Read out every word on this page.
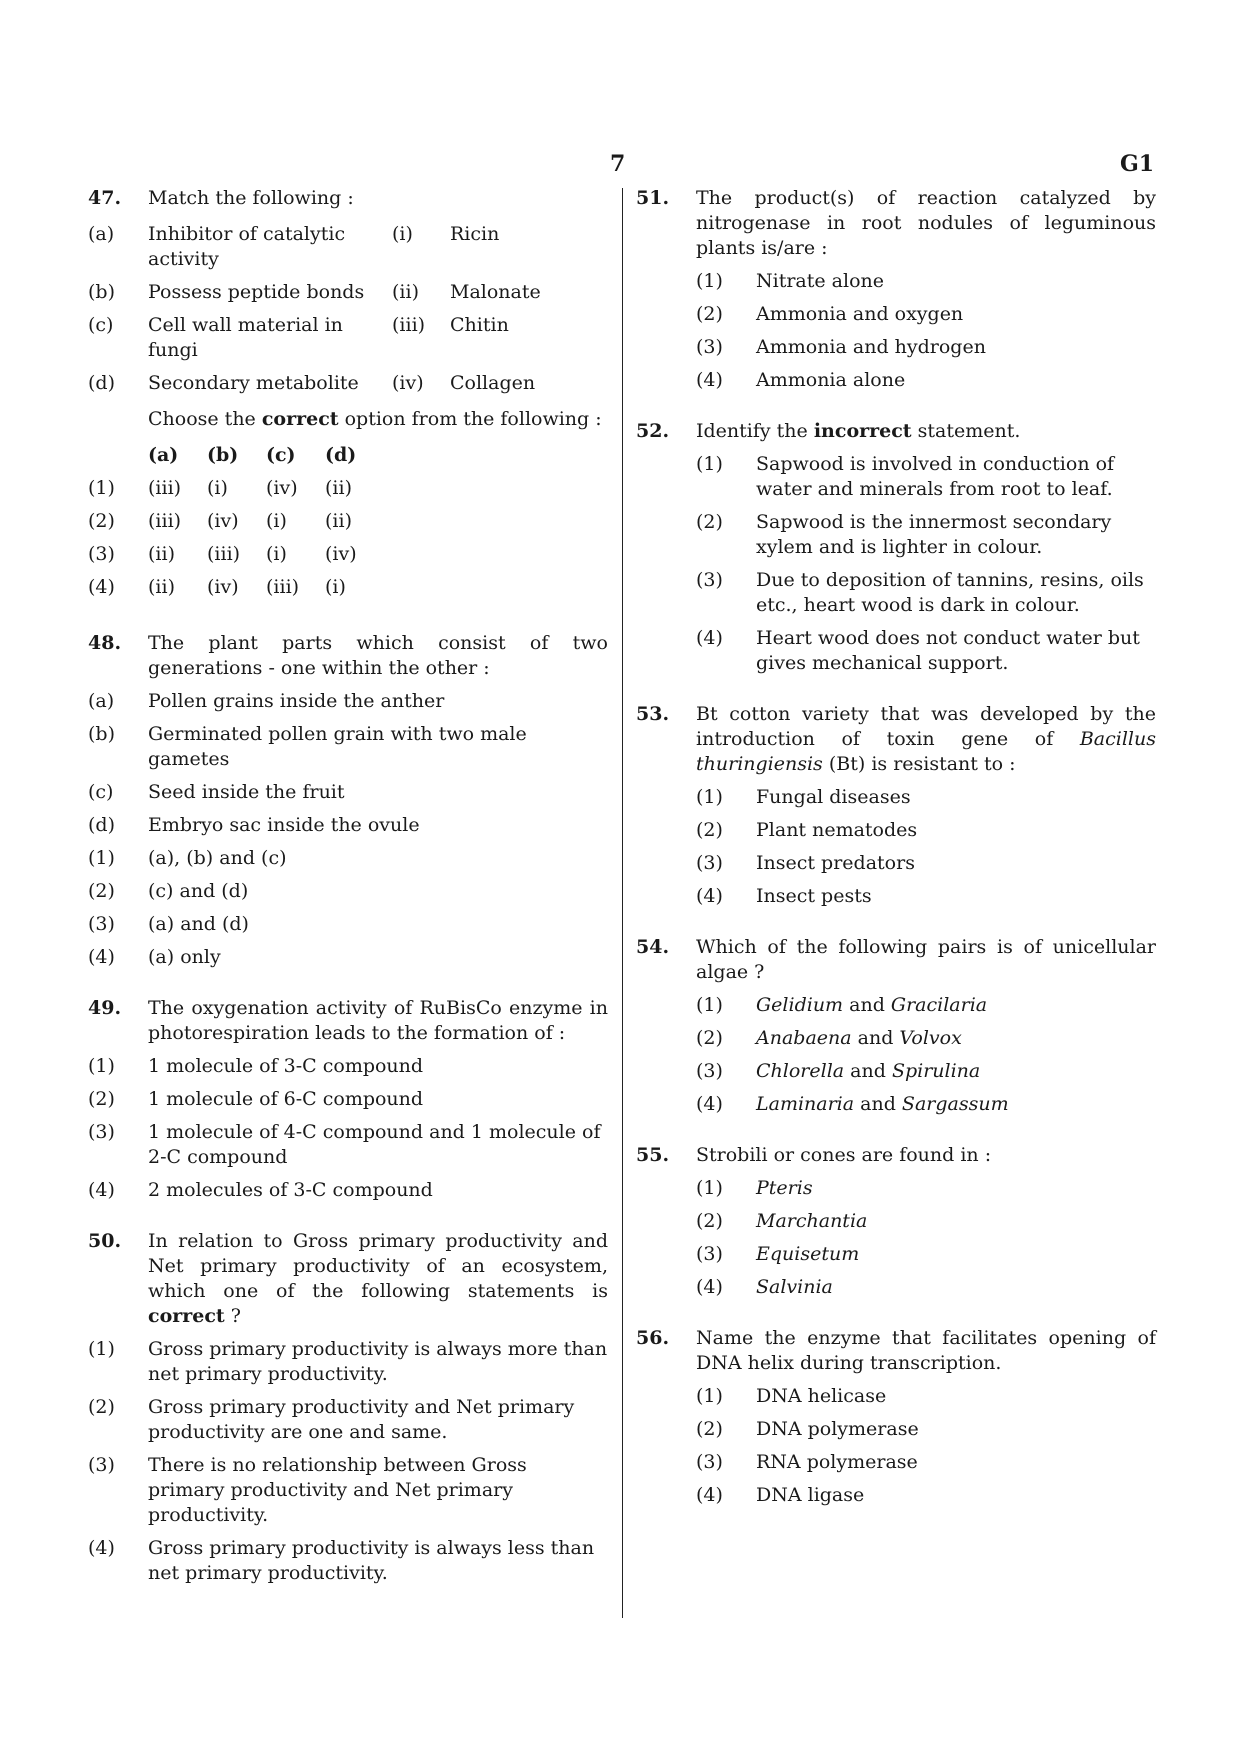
7	G1
47. Match the following :
(a)	Inhibitor of catalytic activity	(i)	Ricin
(b)	Possess peptide bonds	(ii)	Malonate
(c)	Cell wall material in fungi	(iii)	Chitin
(d)	Secondary metabolite	(iv)	Collagen
Choose the correct option from the following :
	(a)	(b)	(c)	(d)
(1)	(iii)	(i)	(iv)	(ii)
(2)	(iii)	(iv)	(i)	(ii)
(3)	(ii)	(iii)	(i)	(iv)
(4)	(ii)	(iv)	(iii)	(i)
48. The plant parts which consist of two generations - one within the other :
(a) Pollen grains inside the anther
(b) Germinated pollen grain with two male gametes
(c) Seed inside the fruit
(d) Embryo sac inside the ovule
(1) (a), (b) and (c)
(2) (c) and (d)
(3) (a) and (d)
(4) (a) only
49. The oxygenation activity of RuBisCo enzyme in photorespiration leads to the formation of :
(1) 1 molecule of 3-C compound
(2) 1 molecule of 6-C compound
(3) 1 molecule of 4-C compound and 1 molecule of 2-C compound
(4) 2 molecules of 3-C compound
50. In relation to Gross primary productivity and Net primary productivity of an ecosystem, which one of the following statements is correct ?
(1) Gross primary productivity is always more than net primary productivity.
(2) Gross primary productivity and Net primary productivity are one and same.
(3) There is no relationship between Gross primary productivity and Net primary productivity.
(4) Gross primary productivity is always less than net primary productivity.
51. The product(s) of reaction catalyzed by nitrogenase in root nodules of leguminous plants is/are :
(1) Nitrate alone
(2) Ammonia and oxygen
(3) Ammonia and hydrogen
(4) Ammonia alone
52. Identify the incorrect statement.
(1) Sapwood is involved in conduction of water and minerals from root to leaf.
(2) Sapwood is the innermost secondary xylem and is lighter in colour.
(3) Due to deposition of tannins, resins, oils etc., heart wood is dark in colour.
(4) Heart wood does not conduct water but gives mechanical support.
53. Bt cotton variety that was developed by the introduction of toxin gene of Bacillus thuringiensis (Bt) is resistant to :
(1) Fungal diseases
(2) Plant nematodes
(3) Insect predators
(4) Insect pests
54. Which of the following pairs is of unicellular algae ?
(1) Gelidium and Gracilaria
(2) Anabaena and Volvox
(3) Chlorella and Spirulina
(4) Laminaria and Sargassum
55. Strobili or cones are found in :
(1) Pteris
(2) Marchantia
(3) Equisetum
(4) Salvinia
56. Name the enzyme that facilitates opening of DNA helix during transcription.
(1) DNA helicase
(2) DNA polymerase
(3) RNA polymerase
(4) DNA ligase
